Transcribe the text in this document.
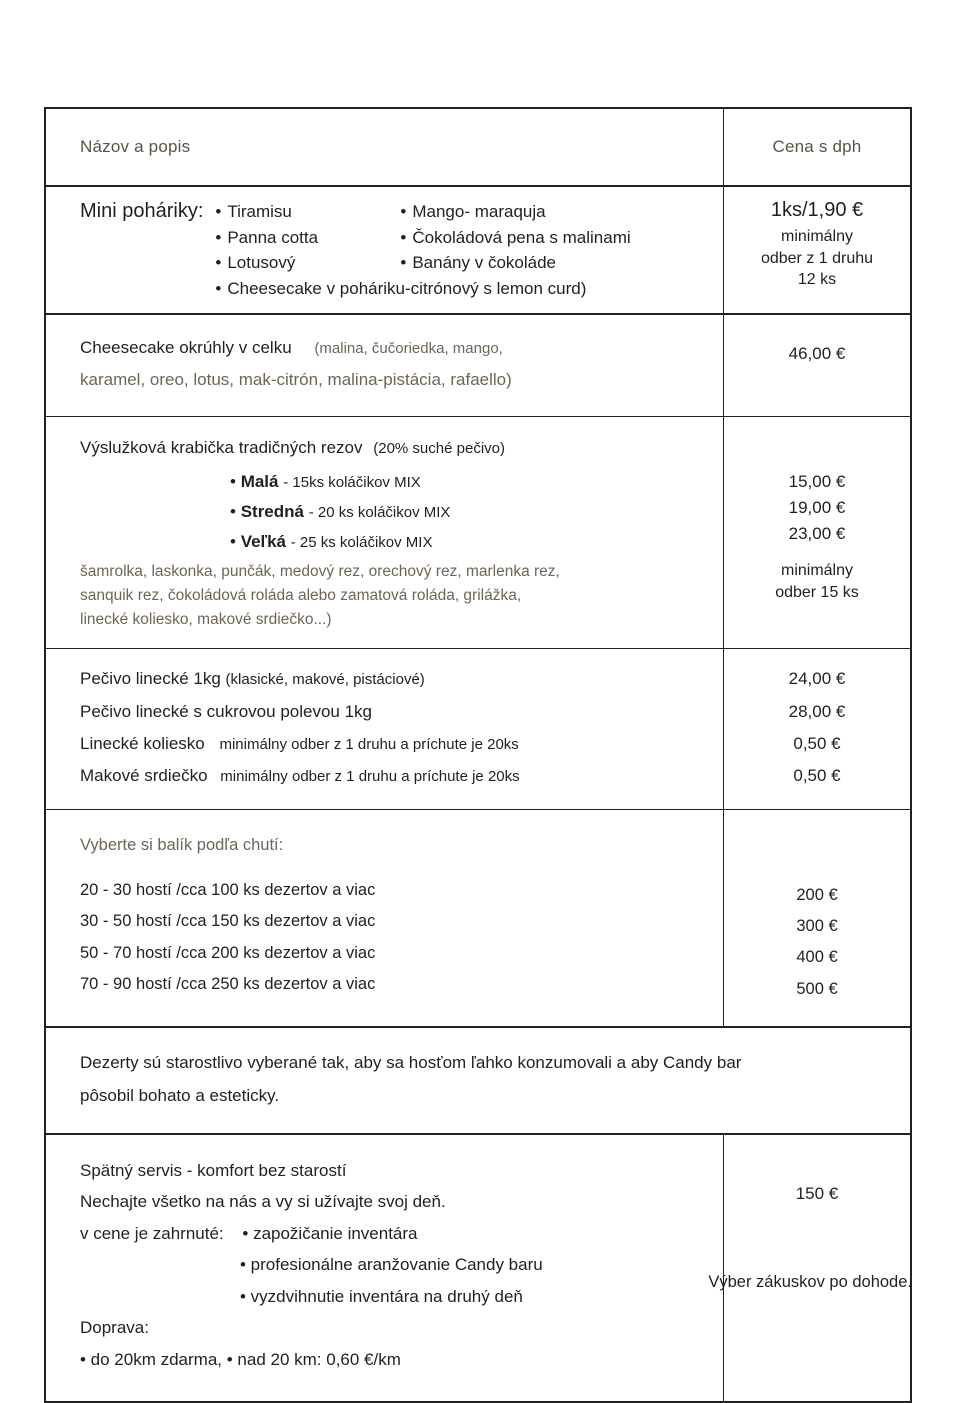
Názov a popis	Cena s dph
Mini poháriky: • Tiramisu
• Panna cotta
• Lotusový
• Mango- maraquja
• Čokoládová pena s malinami
• Banány v čokoláde
• Cheesecake v poháriku-citrónový s lemon curd)
1ks/1,90 €
minimálny
odber z 1 druhu
12 ks
Cheesecake okrúhly v celku (malina, čučoriedka, mango,
karamel, oreo, lotus, mak-citrón, malina-pistácia, rafaello)
46,00 €
Výslužková krabička tradičných rezov (20% suché pečivo)
• Malá - 15ks koláčikov MIX
• Stredná - 20 ks koláčikov MIX
• Veľká - 25 ks koláčikov MIX
šamrolka, laskonka, punčák, medový rez, orechový rez, marlenka rez,
sanquik rez, čokoládová roláda alebo zamatová roláda, grilážka,
linecké koliesko, makové srdiečko...)
15,00 €
19,00 €
23,00 €
minimálny
odber 15 ks
Pečivo linecké 1kg (klasické, makové, pistáciové)
Pečivo linecké s cukrovou polevou 1kg
Linecké koliesko minimálny odber z 1 druhu a príchute je 20ks
Makové srdiečko minimálny odber z 1 druhu a príchute je 20ks
24,00 €
28,00 €
0,50 €
0,50 €
Vyberte si balík podľa chutí:
20 - 30 hostí /cca 100 ks dezertov a viac
30 - 50 hostí /cca 150 ks dezertov a viac
50 - 70 hostí /cca 200 ks dezertov a viac
70 - 90 hostí /cca 250 ks dezertov a viac
200 €
300 €
400 €
500 €
Dezerty sú starostlivo vyberané tak, aby sa hosťom ľahko konzumovali a aby Candy bar
pôsobil bohato a esteticky.
Spätný servis - komfort bez starostí
Nechajte všetko na nás a vy si užívajte svoj deň.
v cene je zahrnuté: • zapožičanie inventára
• profesionálne aranžovanie Candy baru
• vyzdvihnutie inventára na druhý deň
Doprava:
• do 20km zdarma, • nad 20 km: 0,60 €/km
150 €
Výber zákuskov po dohode.
